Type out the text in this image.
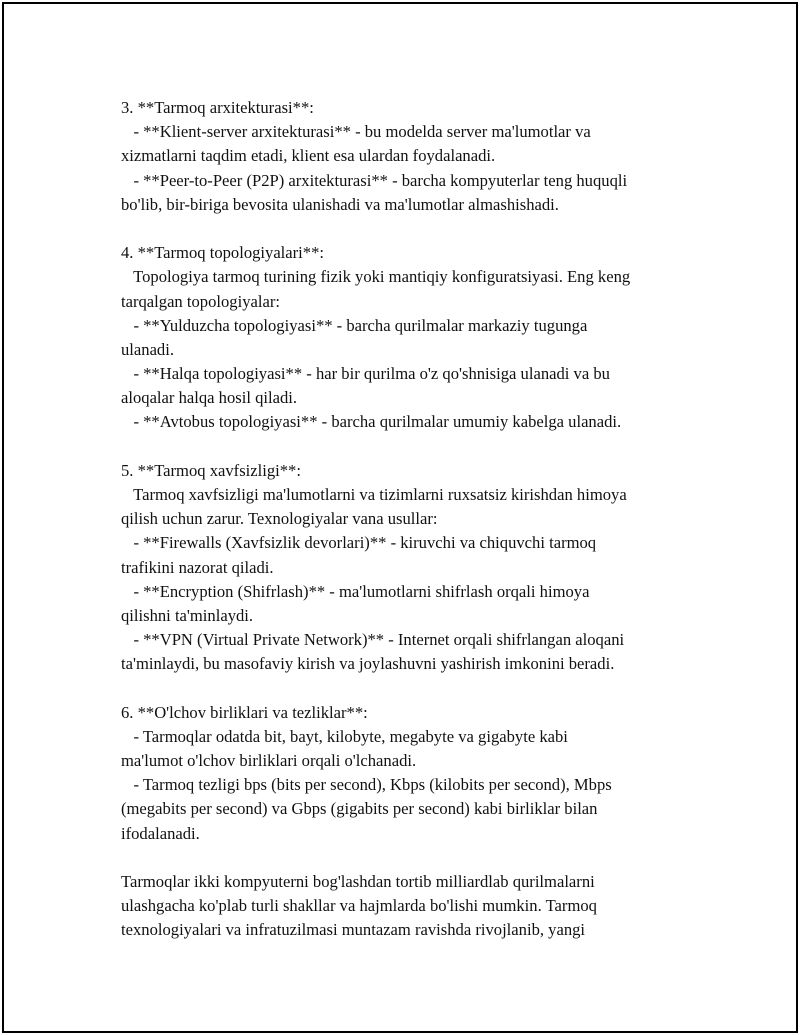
3. **Tarmoq arxitekturasi**:
- **Klient-server arxitekturasi** - bu modelda server ma'lumotlar va
xizmatlarni taqdim etadi, klient esa ulardan foydalanadi.
- **Peer-to-Peer (P2P) arxitekturasi** - barcha kompyuterlar teng huquqli
bo'lib, bir-biriga bevosita ulanishadi va ma'lumotlar almashishadi.
4. **Tarmoq topologiyalari**:
Topologiya tarmoq turining fizik yoki mantiqiy konfiguratsiyasi. Eng keng
tarqalgan topologiyalar:
- **Yulduzcha topologiyasi** - barcha qurilmalar markaziy tugunga
ulanadi.
- **Halqa topologiyasi** - har bir qurilma o'z qo'shnisiga ulanadi va bu
aloqalar halqa hosil qiladi.
- **Avtobus topologiyasi** - barcha qurilmalar umumiy kabelga ulanadi.
5. **Tarmoq xavfsizligi**:
Tarmoq xavfsizligi ma'lumotlarni va tizimlarni ruxsatsiz kirishdan himoya
qilish uchun zarur. Texnologiyalar vana usullar:
- **Firewalls (Xavfsizlik devorlari)** - kiruvchi va chiquvchi tarmoq
trafikini nazorat qiladi.
- **Encryption (Shifrlash)** - ma'lumotlarni shifrlash orqali himoya
qilishni ta'minlaydi.
- **VPN (Virtual Private Network)** - Internet orqali shifrlangan aloqani
ta'minlaydi, bu masofaviy kirish va joylashuvni yashirish imkonini beradi.
6. **O'lchov birliklari va tezliklar**:
- Tarmoqlar odatda bit, bayt, kilobyte, megabyte va gigabyte kabi
ma'lumot o'lchov birliklari orqali o'lchanadi.
- Tarmoq tezligi bps (bits per second), Kbps (kilobits per second), Mbps
(megabits per second) va Gbps (gigabits per second) kabi birliklar bilan
ifodalanadi.
Tarmoqlar ikki kompyuterni bog'lashdan tortib milliardlab qurilmalarni
ulashgacha ko'plab turli shakllar va hajmlarda bo'lishi mumkin. Tarmoq
texnologiyalari va infratuzilmasi muntazam ravishda rivojlanib, yangi
